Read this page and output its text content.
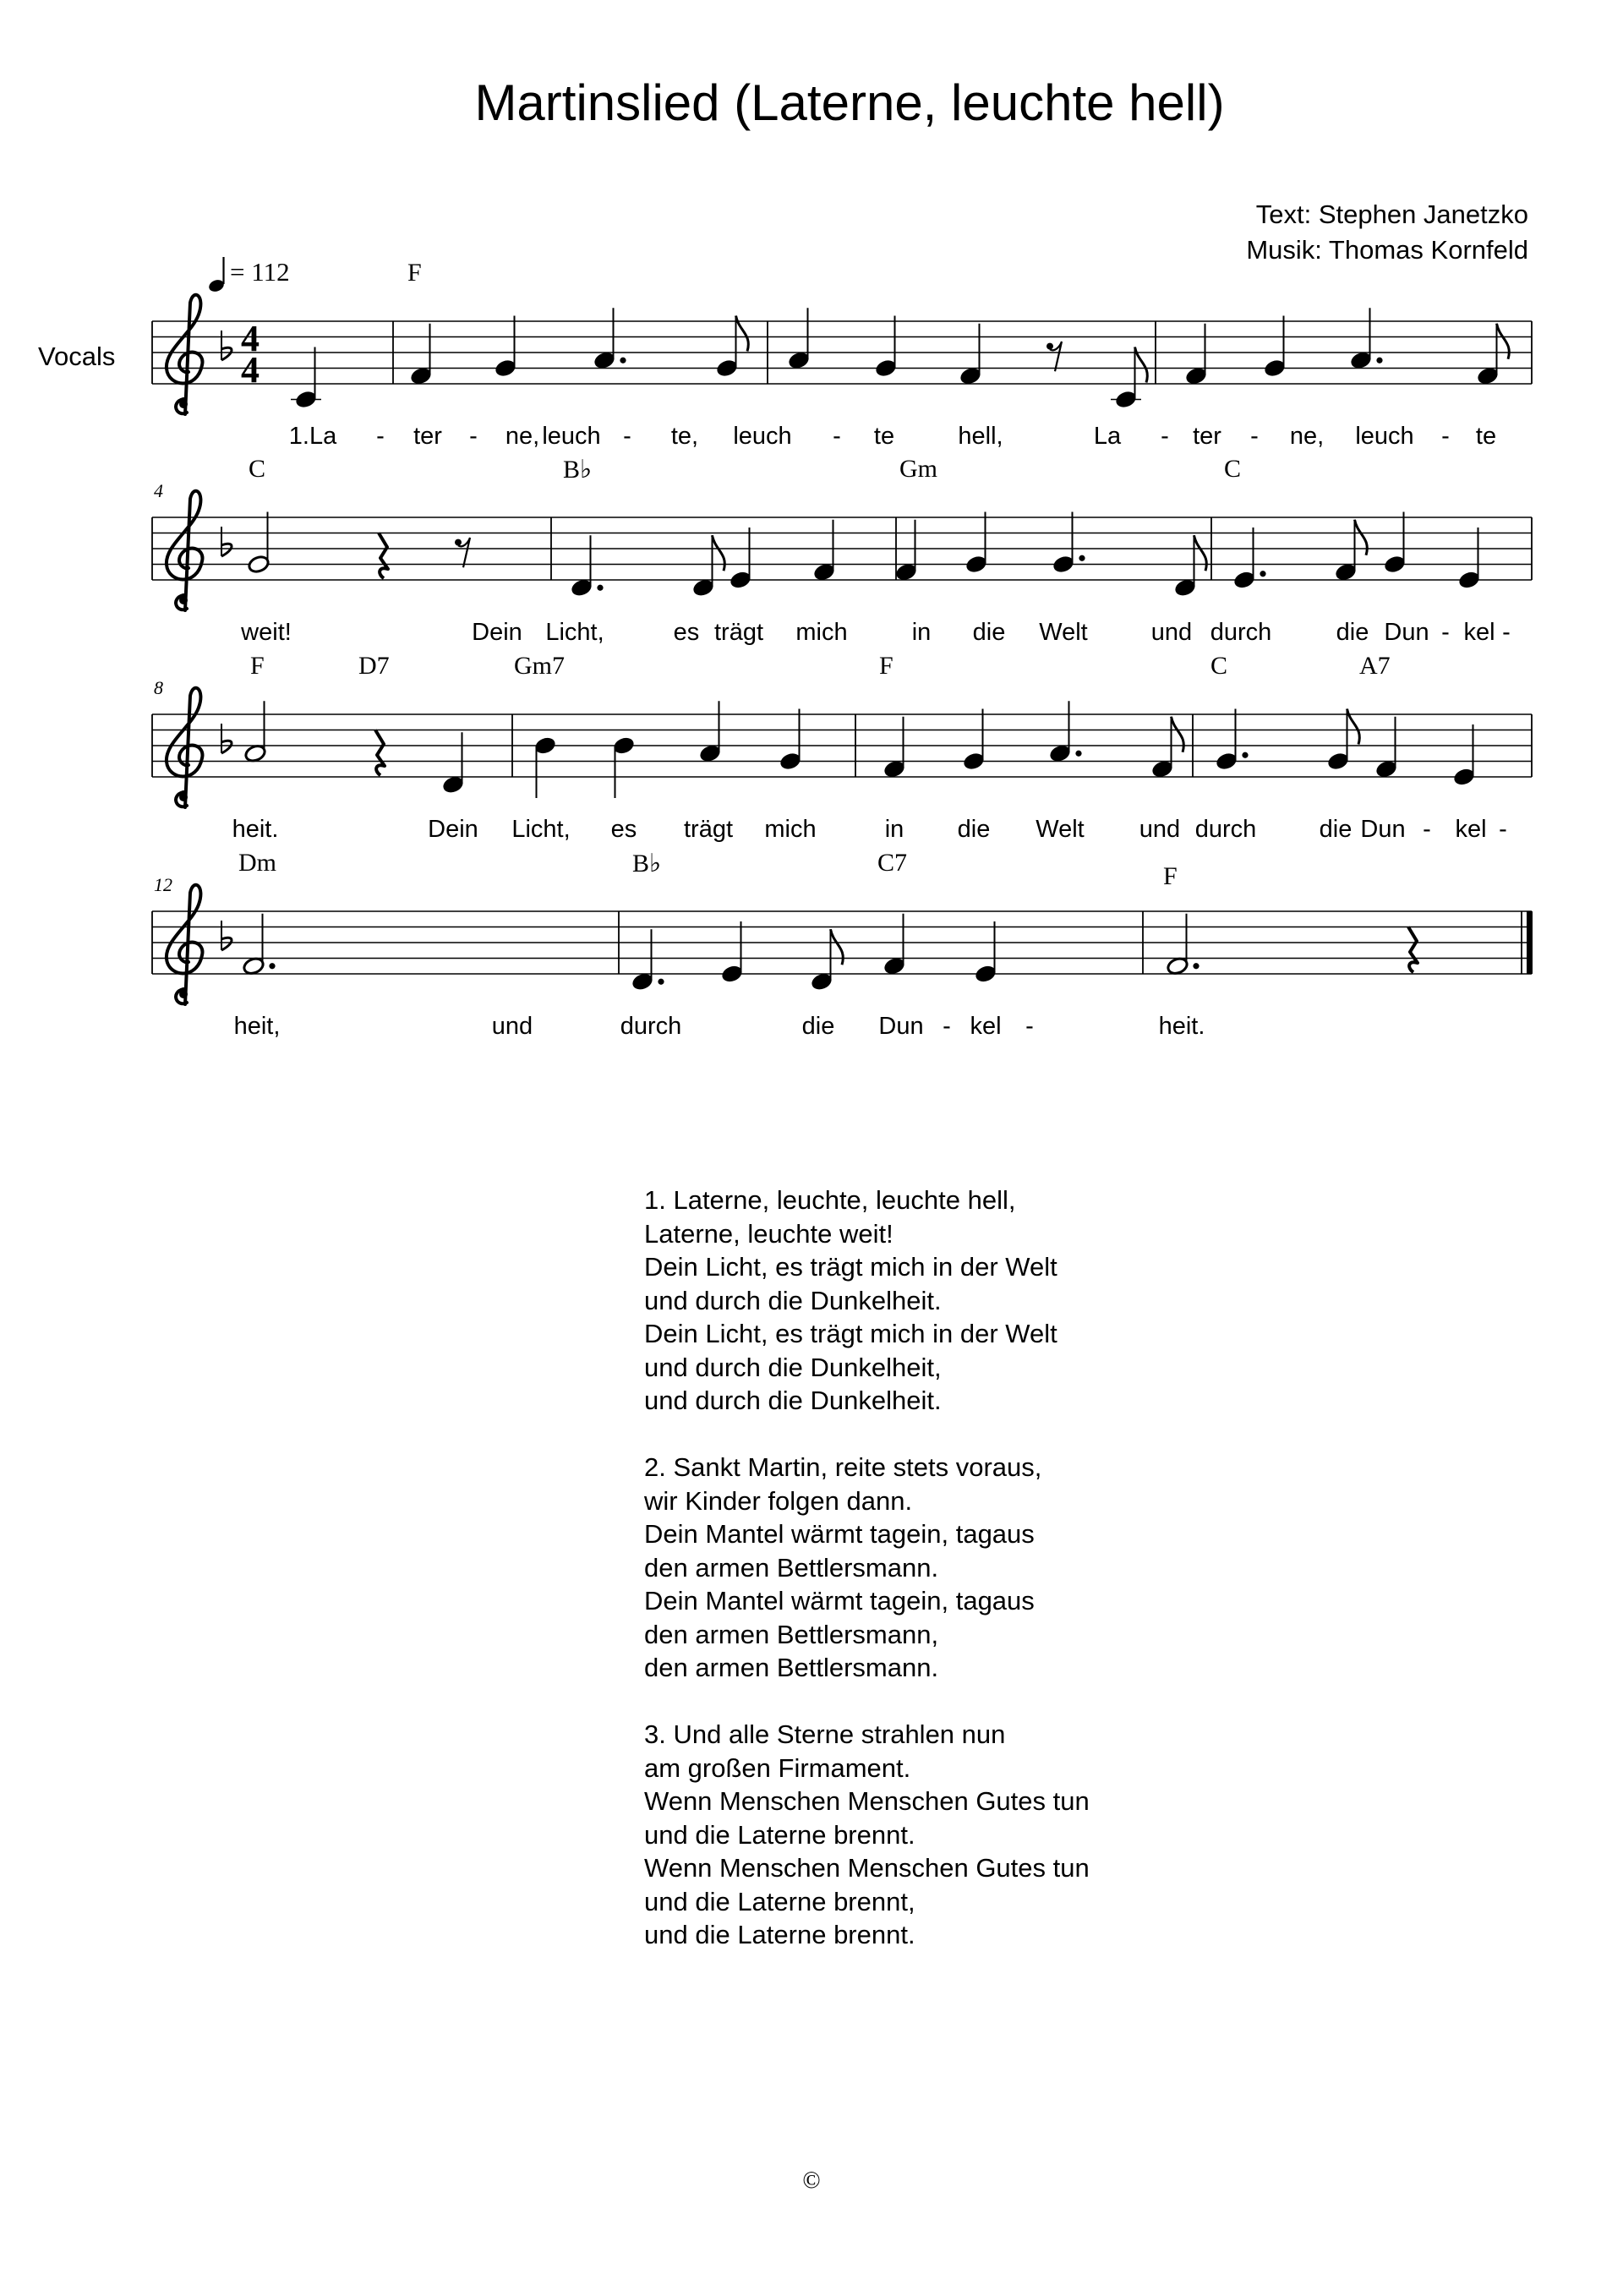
Martinslied (Laterne, leuchte hell)
Text: Stephen Janetzko
Musik: Thomas Kornfeld
Vocals
= 112
4
4
F
1.La - ter - ne, leuch - te, leuch - te	hell,	La - ter - ne, leuch - te
4
C	B♭	Gm	C
weit!	Dein Licht,	es trägt mich	in die Welt	und durch	die Dun - kel -
8
F	D7	Gm7	F	C	A7
heit.	Dein Licht, es trägt mich	in die Welt und durch	die Dun - kel -
12
Dm	B♭	C7	F
heit,	und	durch	die Dun - kel -	heit.
1. Laterne, leuchte, leuchte hell,
Laterne, leuchte weit!
Dein Licht, es trägt mich in der Welt
und durch die Dunkelheit.
Dein Licht, es trägt mich in der Welt
und durch die Dunkelheit,
und durch die Dunkelheit.
2. Sankt Martin, reite stets voraus,
wir Kinder folgen dann.
Dein Mantel wärmt tagein, tagaus
den armen Bettlersmann.
Dein Mantel wärmt tagein, tagaus
den armen Bettlersmann,
den armen Bettlersmann.
3. Und alle Sterne strahlen nun
am großen Firmament.
Wenn Menschen Menschen Gutes tun
und die Laterne brennt.
Wenn Menschen Menschen Gutes tun
und die Laterne brennt,
und die Laterne brennt.
©
